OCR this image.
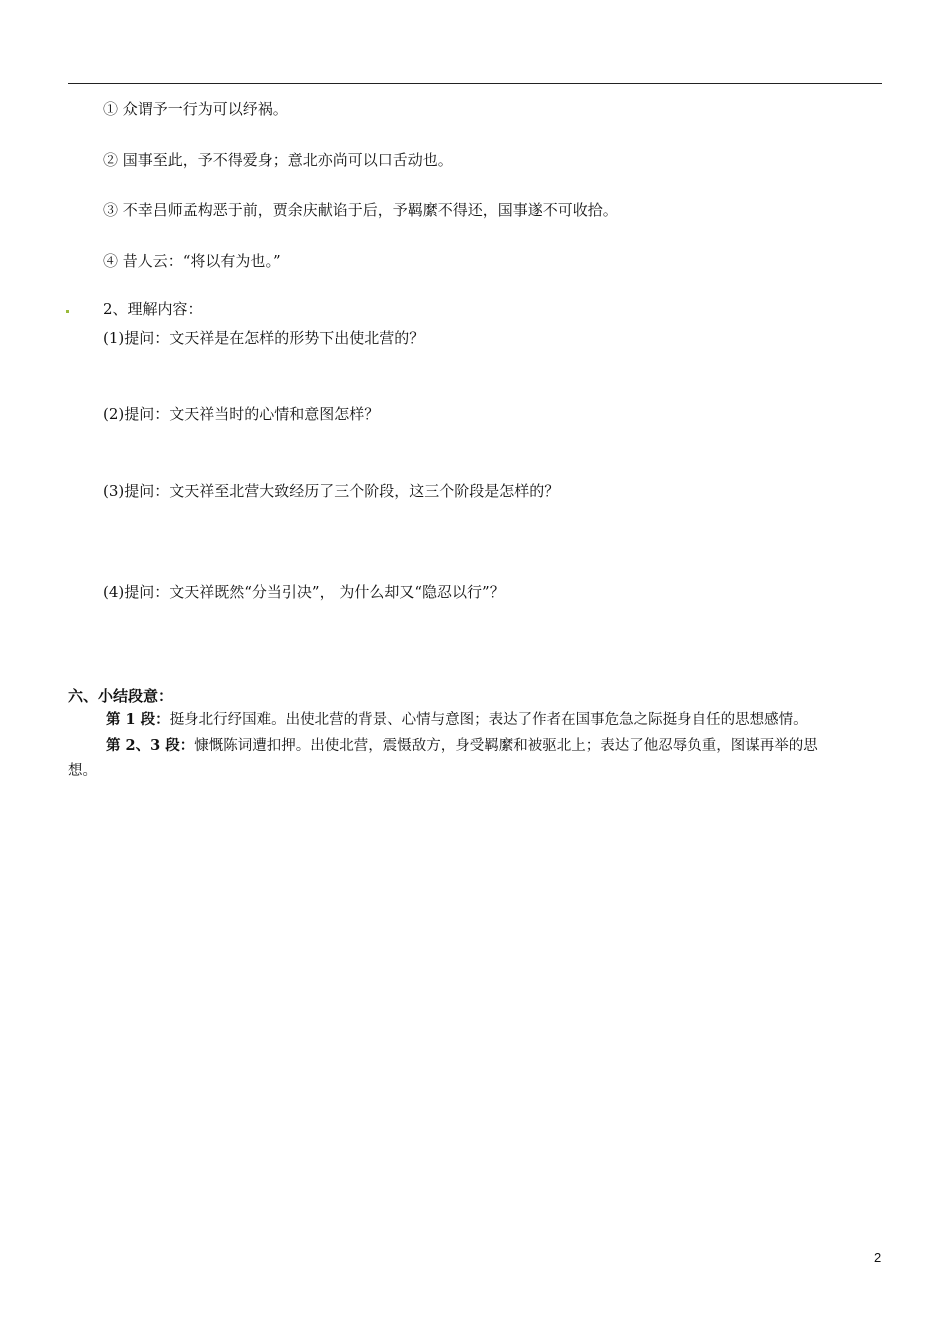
① 众谓予一行为可以纾祸。
② 国事至此，予不得爱身；意北亦尚可以口舌动也。
③ 不幸吕师孟构恶于前，贾余庆献谄于后，予羁縻不得还，国事遂不可收拾。
④ 昔人云：“将以有为也。”
2、理解内容：
(1)提问：文天祥是在怎样的形势下出使北营的？
(2)提问：文天祥当时的心情和意图怎样？
(3)提问：文天祥至北营大致经历了三个阶段，这三个阶段是怎样的？
(4)提问：文天祥既然“分当引决”， 为什么却又“隐忍以行”？
六、小结段意：
第 1 段：挺身北行纾国难。出使北营的背景、心情与意图；表达了作者在国事危急之际挺身自任的思想感情。
第 2、3 段：慷慨陈词遭扣押。出使北营，震慑敌方，身受羁縻和被驱北上；表达了他忍辱负重，图谋再举的思
想。
2
